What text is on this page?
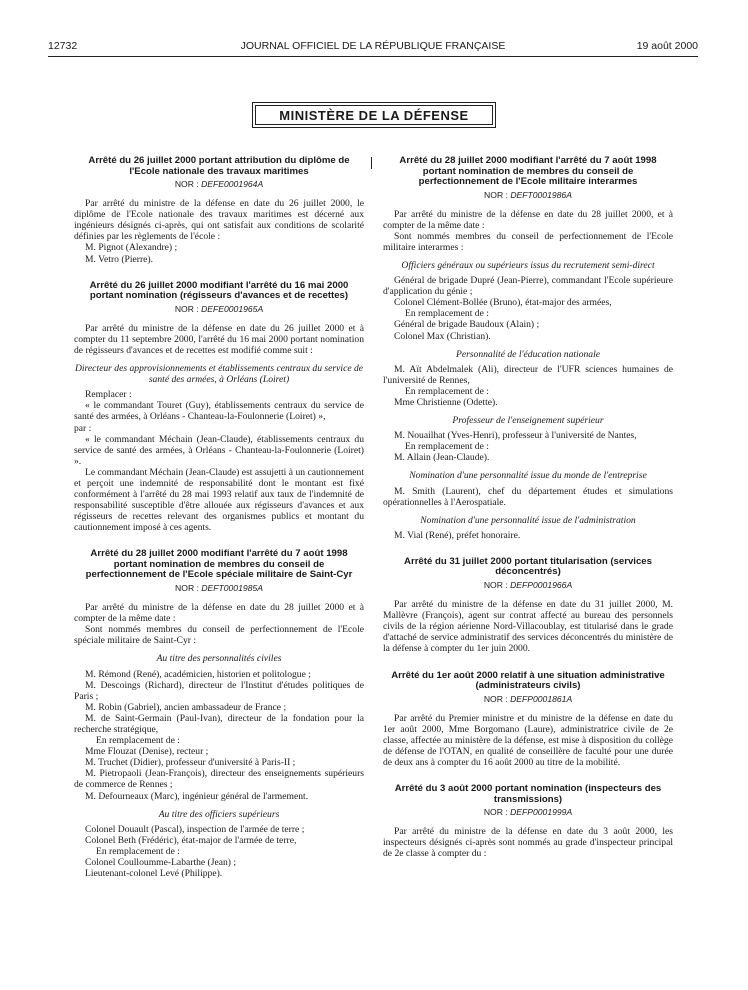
12732	JOURNAL OFFICIEL DE LA RÉPUBLIQUE FRANÇAISE	19 août 2000
MINISTÈRE DE LA DÉFENSE
Arrêté du 26 juillet 2000 portant attribution du diplôme de l'Ecole nationale des travaux maritimes
NOR : DEFE0001964A

Par arrêté du ministre de la défense en date du 26 juillet 2000, le diplôme de l'Ecole nationale des travaux maritimes est décerné aux ingénieurs désignés ci-après, qui ont satisfait aux conditions de scolarité définies par les règlements de l'école :

M. Pignot (Alexandre) ;

M. Vetro (Pierre).

Arrêté du 26 juillet 2000 modifiant l'arrêté du 16 mai 2000 portant nomination (régisseurs d'avances et de recettes)
NOR : DEFE0001965A

Par arrêté du ministre de la défense en date du 26 juillet 2000 et à compter du 11 septembre 2000, l'arrêté du 16 mai 2000 portant nomination de régisseurs d'avances et de recettes est modifié comme suit :

Directeur des approvisionnements et établissements centraux du service de santé des armées, à Orléans (Loiret)

Remplacer :

« le commandant Touret (Guy), établissements centraux du service de santé des armées, à Orléans - Chanteau-la-Foulonnerie (Loiret) »,

par :

« le commandant Méchain (Jean-Claude), établissements centraux du service de santé des armées, à Orléans - Chanteau-la-Foulonnerie (Loiret) ».

Le commandant Méchain (Jean-Claude) est assujetti à un cautionnement et perçoit une indemnité de responsabilité dont le montant est fixé conformément à l'arrêté du 28 mai 1993 relatif aux taux de l'indemnité de responsabilité susceptible d'être allouée aux régisseurs d'avances et aux régisseurs de recettes relevant des organismes publics et montant du cautionnement imposé à ces agents.

Arrêté du 28 juillet 2000 modifiant l'arrêté du 7 août 1998 portant nomination de membres du conseil de perfectionnement de l'Ecole spéciale militaire de Saint-Cyr
NOR : DEFT0001985A

Par arrêté du ministre de la défense en date du 28 juillet 2000 et à compter de la même date :

Sont nommés membres du conseil de perfectionnement de l'Ecole spéciale militaire de Saint-Cyr :

Au titre des personnalités civiles

M. Rémond (René), académicien, historien et politologue ;

M. Descoings (Richard), directeur de l'Institut d'études politiques de Paris ;

M. Robin (Gabriel), ancien ambassadeur de France ;

M. de Saint-Germain (Paul-Ivan), directeur de la fondation pour la recherche stratégique,

En remplacement de :

Mme Flouzat (Denise), recteur ;

M. Truchet (Didier), professeur d'université à Paris-II ;

M. Pietropaoli (Jean-François), directeur des enseignements supérieurs de commerce de Rennes ;

M. Defourneaux (Marc), ingénieur général de l'armement.

Au titre des officiers supérieurs

Colonel Douault (Pascal), inspection de l'armée de terre ;

Colonel Beth (Frédéric), état-major de l'armée de terre,

En remplacement de :

Colonel Coulloumme-Labarthe (Jean) ;

Lieutenant-colonel Levé (Philippe).

Arrêté du 28 juillet 2000 modifiant l'arrêté du 7 août 1998 portant nomination de membres du conseil de perfectionnement de l'Ecole militaire interarmes
NOR : DEFT0001986A

Par arrêté du ministre de la défense en date du 28 juillet 2000, et à compter de la même date :

Sont nommés membres du conseil de perfectionnement de l'Ecole militaire interarmes :

Officiers généraux ou supérieurs issus du recrutement semi-direct

Général de brigade Dupré (Jean-Pierre), commandant l'Ecole supérieure d'application du génie ;

Colonel Clément-Bollée (Bruno), état-major des armées,

En remplacement de :

Général de brigade Baudoux (Alain) ;

Colonel Max (Christian).

Personnalité de l'éducation nationale

M. Aït Abdelmalek (Ali), directeur de l'UFR sciences humaines de l'université de Rennes,

En remplacement de :

Mme Christienne (Odette).

Professeur de l'enseignement supérieur

M. Nouailhat (Yves-Henri), professeur à l'université de Nantes,

En remplacement de :

M. Allain (Jean-Claude).

Nomination d'une personnalité issue du monde de l'entreprise

M. Smith (Laurent), chef du département études et simulations opérationnelles à l'Aerospatiale.

Nomination d'une personnalité issue de l'administration

M. Vial (René), préfet honoraire.

Arrêté du 31 juillet 2000 portant titularisation (services déconcentrés)
NOR : DEFP0001966A

Par arrêté du ministre de la défense en date du 31 juillet 2000, M. Mallèvre (François), agent sur contrat affecté au bureau des personnels civils de la région aérienne Nord-Villacoublay, est titularisé dans le grade d'attaché de service administratif des services déconcentrés du ministère de la défense à compter du 1er juin 2000.

Arrêté du 1er août 2000 relatif à une situation administrative (administrateurs civils)
NOR : DEFP0001861A

Par arrêté du Premier ministre et du ministre de la défense en date du 1er août 2000, Mme Borgomano (Laure), administratrice civile de 2e classe, affectée au ministère de la défense, est mise à disposition du collège de défense de l'OTAN, en qualité de conseillère de faculté pour une durée de deux ans à compter du 16 août 2000 au titre de la mobilité.

Arrêté du 3 août 2000 portant nomination (inspecteurs des transmissions)
NOR : DEFP0001999A

Par arrêté du ministre de la défense en date du 3 août 2000, les inspecteurs désignés ci-après sont nommés au grade d'inspecteur principal de 2e classe à compter du :
